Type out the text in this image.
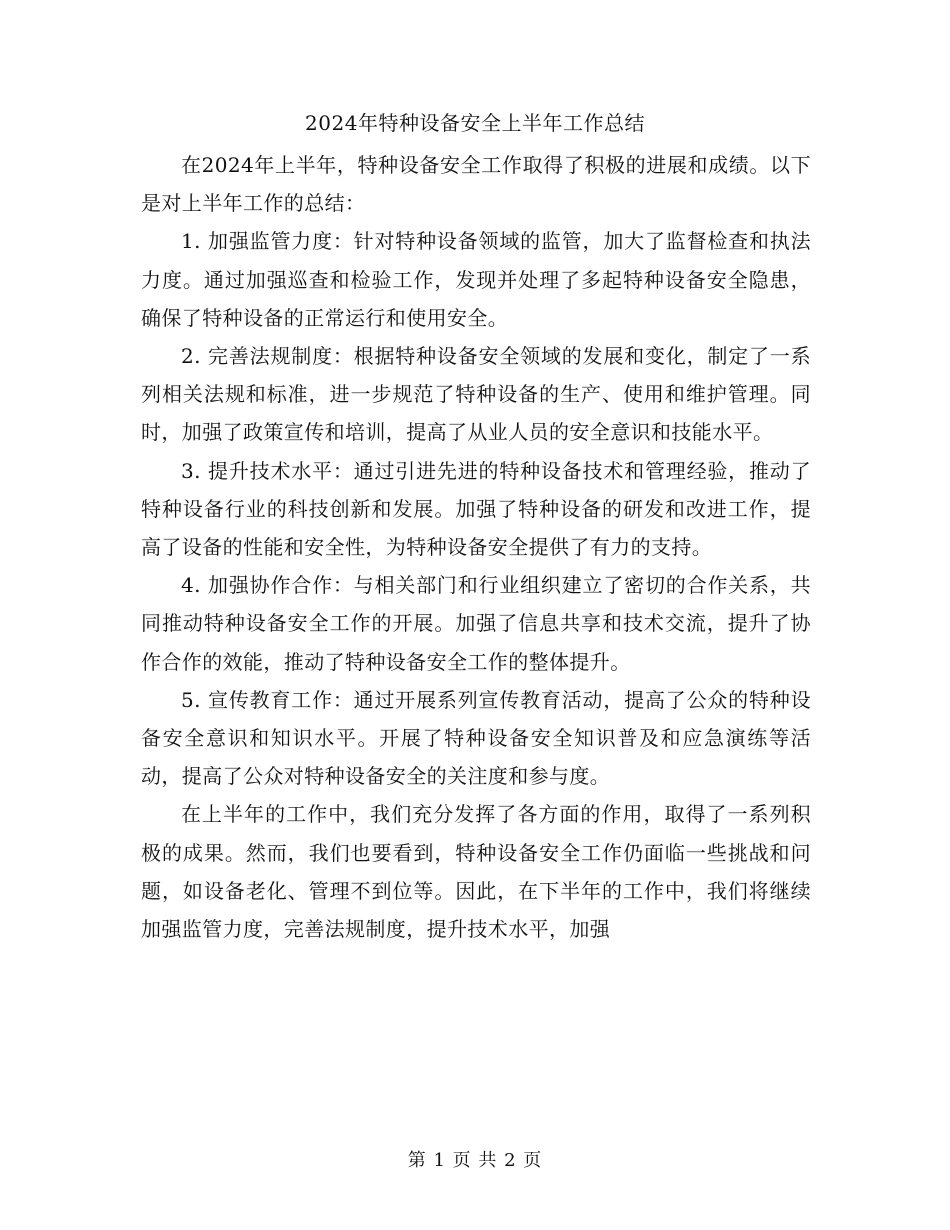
2024年特种设备安全上半年工作总结

在2024年上半年，特种设备安全工作取得了积极的进展和成绩。以下是对上半年工作的总结：

1. 加强监管力度：针对特种设备领域的监管，加大了监督检查和执法力度。通过加强巡查和检验工作，发现并处理了多起特种设备安全隐患，确保了特种设备的正常运行和使用安全。

2. 完善法规制度：根据特种设备安全领域的发展和变化，制定了一系列相关法规和标准，进一步规范了特种设备的生产、使用和维护管理。同时，加强了政策宣传和培训，提高了从业人员的安全意识和技能水平。

3. 提升技术水平：通过引进先进的特种设备技术和管理经验，推动了特种设备行业的科技创新和发展。加强了特种设备的研发和改进工作，提高了设备的性能和安全性，为特种设备安全提供了有力的支持。

4. 加强协作合作：与相关部门和行业组织建立了密切的合作关系，共同推动特种设备安全工作的开展。加强了信息共享和技术交流，提升了协作合作的效能，推动了特种设备安全工作的整体提升。

5. 宣传教育工作：通过开展系列宣传教育活动，提高了公众的特种设备安全意识和知识水平。开展了特种设备安全知识普及和应急演练等活动，提高了公众对特种设备安全的关注度和参与度。

在上半年的工作中，我们充分发挥了各方面的作用，取得了一系列积极的成果。然而，我们也要看到，特种设备安全工作仍面临一些挑战和问题，如设备老化、管理不到位等。因此，在下半年的工作中，我们将继续加强监管力度，完善法规制度，提升技术水平，加强

第 1 页 共 2 页
